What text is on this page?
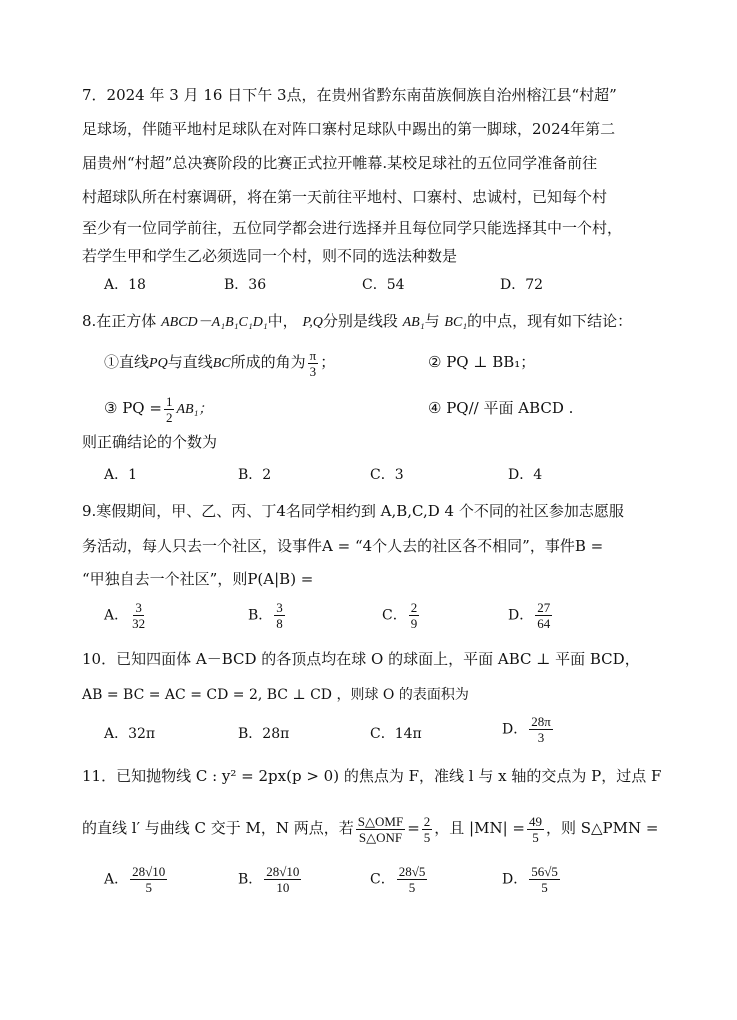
7．2024 年 3 月 16 日下午 3点，在贵州省黔东南苗族侗族自治州榕江县“村超”
足球场，伴随平地村足球队在对阵口寨村足球队中踢出的第一脚球，2024年第二
届贵州“村超”总决赛阶段的比赛正式拉开帷幕.某校足球社的五位同学准备前往
村超球队所在村寨调研，将在第一天前往平地村、口寨村、忠诚村，已知每个村
至少有一位同学前往，五位同学都会进行选择并且每位同学只能选择其中一个村，
若学生甲和学生乙必须选同一个村，则不同的选法种数是
A．18	B．36	C．54	D．72
8.在正方体 ABCD－A₁B₁C₁D₁中， P,Q分别是线段 AB₁与 BC₁的中点，现有如下结论：
①直线PQ与直线BC所成的角为 $\frac{\pi}{3}$ ；	② PQ ⊥ BB₁；
③ PQ = $\frac{1}{2} AB_1$；	④ PQ// 平面 ABCD .
则正确结论的个数为
A．1	B．2	C．3	D．4
9.寒假期间，甲、乙、丙、丁4名同学相约到 A,B,C,D 4 个不同的社区参加志愿服
务活动，每人只去一个社区，设事件A = “4个人去的社区各不相同”，事件B =
“甲独自去一个社区”，则P(A|B) =
A． $\frac{3}{32}$	B． $\frac{3}{8}$	C． $\frac{2}{9}$	D． $\frac{27}{64}$
10．已知四面体 A－BCD 的各顶点均在球 O 的球面上，平面 ABC ⊥ 平面 BCD，
AB = BC = AC = CD = 2, BC ⊥ CD ，则球 O 的表面积为
A．32π	B．28π	C．14π	D． $\frac{28\pi}{3}$
11．已知抛物线 C : y² = 2px(p > 0) 的焦点为 F，准线 l 与 x 轴的交点为 P，过点 F
的直线 l′ 与曲线 C 交于 M，N 两点，若 $\frac{\text{S△OMF}}{\text{S△ONF}} = \frac{2}{5}$ ，且 $|MN| = \frac{49}{5}$ ，则 S△PMN =
A． $\frac{28√10}{5}$	B． $\frac{28√10}{10}$	C． $\frac{28√5}{5}$	D． $\frac{56√5}{5}$
